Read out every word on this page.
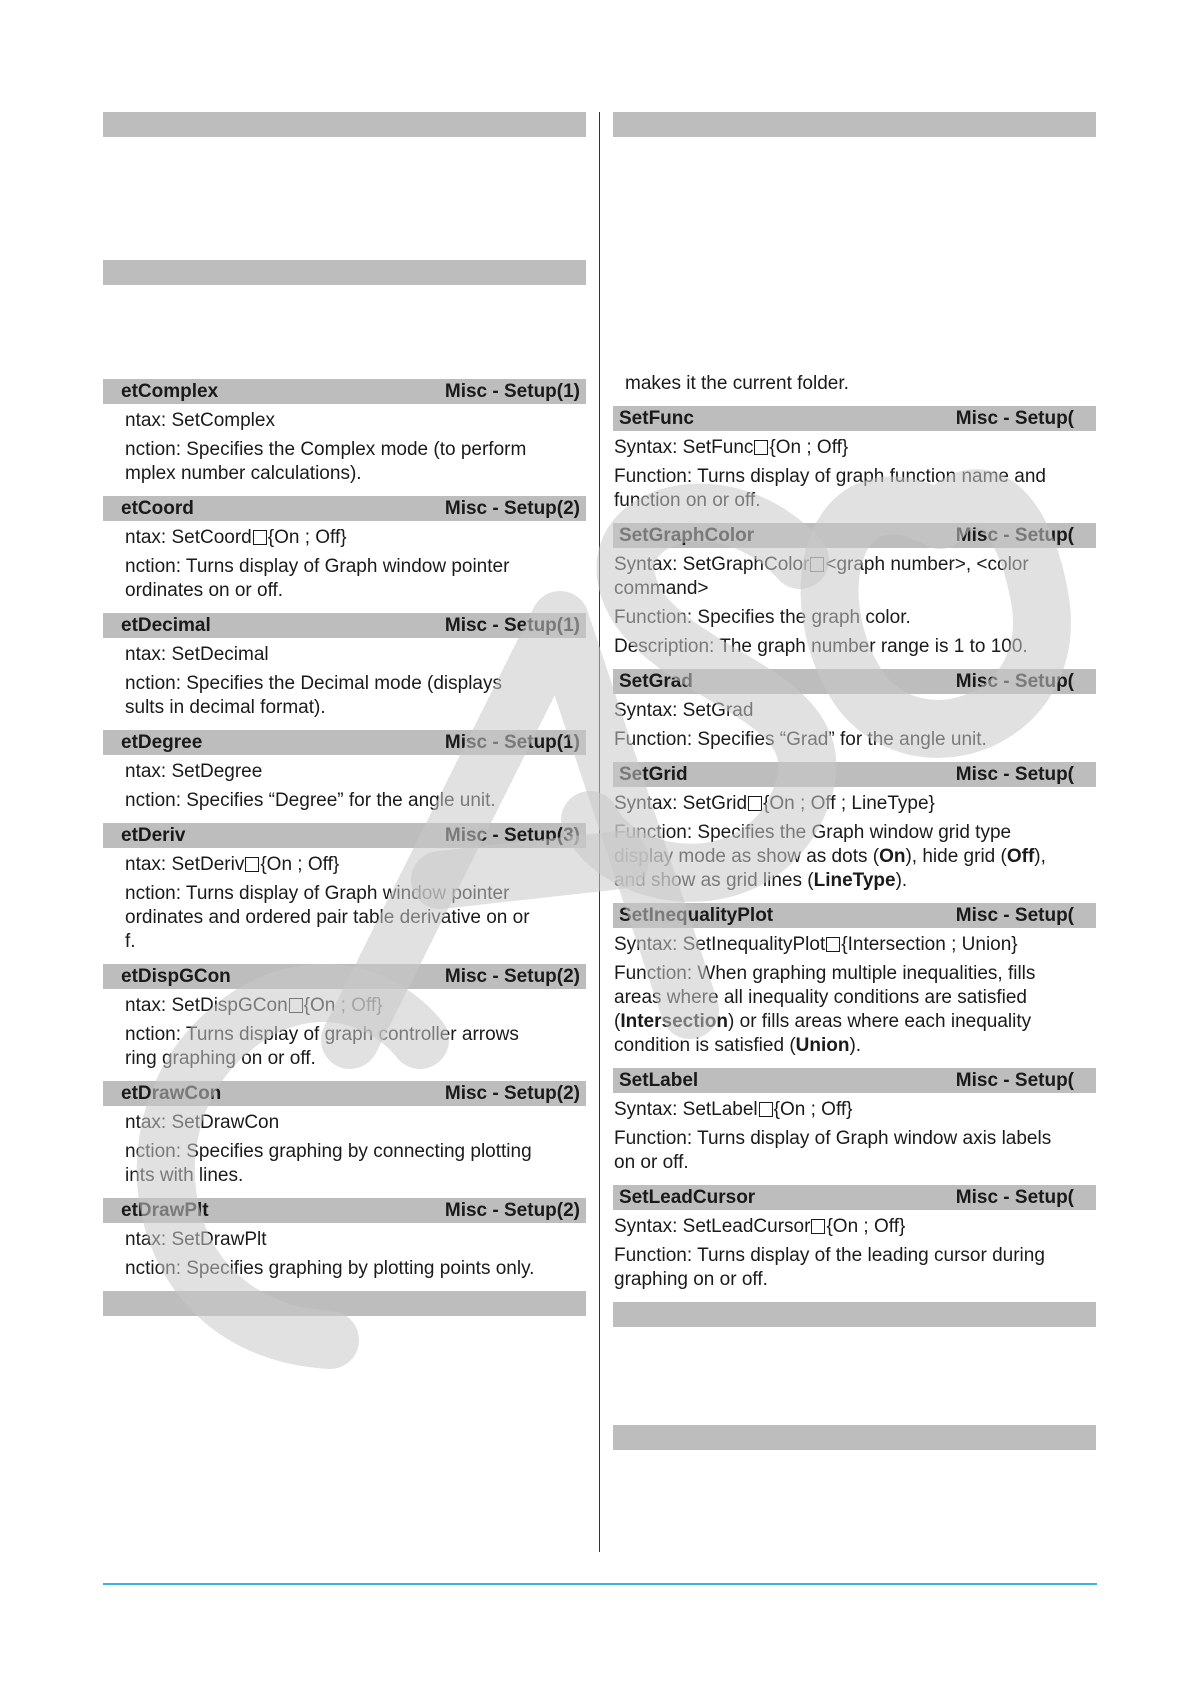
etComplex	Misc - Setup(1)
ntax: SetComplex
nction: Specifies the Complex mode (to perform
mplex number calculations).
etCoord	Misc - Setup(2)
ntax: SetCoord {On ; Off}
nction: Turns display of Graph window pointer
ordinates on or off.
etDecimal	Misc - Setup(1)
ntax: SetDecimal
nction: Specifies the Decimal mode (displays
sults in decimal format).
etDegree	Misc - Setup(1)
ntax: SetDegree
nction: Specifies “Degree” for the angle unit.
etDeriv	Misc - Setup(3)
ntax: SetDeriv {On ; Off}
nction: Turns display of Graph window pointer
ordinates and ordered pair table derivative on or
f.
etDispGCon	Misc - Setup(2)
ntax: SetDispGCon {On ; Off}
nction: Turns display of graph controller arrows
ring graphing on or off.
etDrawCon	Misc - Setup(2)
ntax: SetDrawCon
nction: Specifies graphing by connecting plotting
ints with lines.
etDrawPlt	Misc - Setup(2)
ntax: SetDrawPlt
nction: Specifies graphing by plotting points only.
makes it the current folder.
SetFunc	Misc - Setup(
Syntax: SetFunc {On ; Off}
Function: Turns display of graph function name and
function on or off.
SetGraphColor	Misc - Setup(
Syntax: SetGraphColor <graph number>, <color
command>
Function: Specifies the graph color.
Description: The graph number range is 1 to 100.
SetGrad	Misc - Setup(
Syntax: SetGrad
Function: Specifies “Grad” for the angle unit.
SetGrid	Misc - Setup(
Syntax: SetGrid {On ; Off ; LineType}
Function: Specifies the Graph window grid type
display mode as show as dots (On), hide grid (Off),
and show as grid lines (LineType).
SetInequalityPlot	Misc - Setup(
Syntax: SetInequalityPlot {Intersection ; Union}
Function: When graphing multiple inequalities, fills
areas where all inequality conditions are satisfied
(Intersection) or fills areas where each inequality
condition is satisfied (Union).
SetLabel	Misc - Setup(
Syntax: SetLabel {On ; Off}
Function: Turns display of Graph window axis labels
on or off.
SetLeadCursor	Misc - Setup(
Syntax: SetLeadCursor {On ; Off}
Function: Turns display of the leading cursor during
graphing on or off.
